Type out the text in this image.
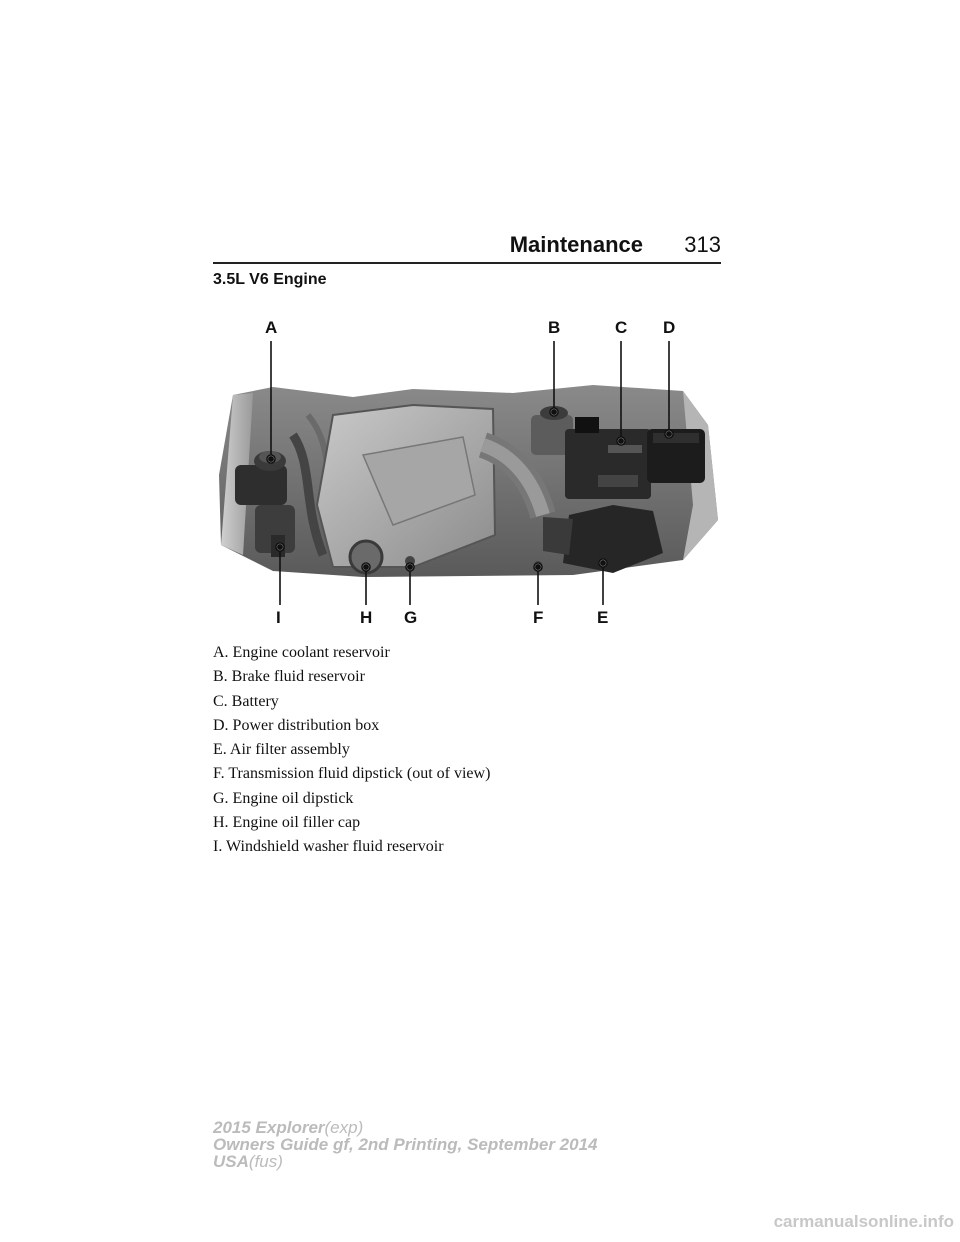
Maintenance 313
3.5L V6 Engine
A	B	C D
I	H G	F	E
A. Engine coolant reservoir
B. Brake fluid reservoir
C. Battery
D. Power distribution box
E. Air filter assembly
F. Transmission fluid dipstick (out of view)
G. Engine oil dipstick
H. Engine oil filler cap
I. Windshield washer fluid reservoir
2015 Explorer(exp)
Owners Guide gf, 2nd Printing, September 2014
USA(fus)
carmanualsonline.info
